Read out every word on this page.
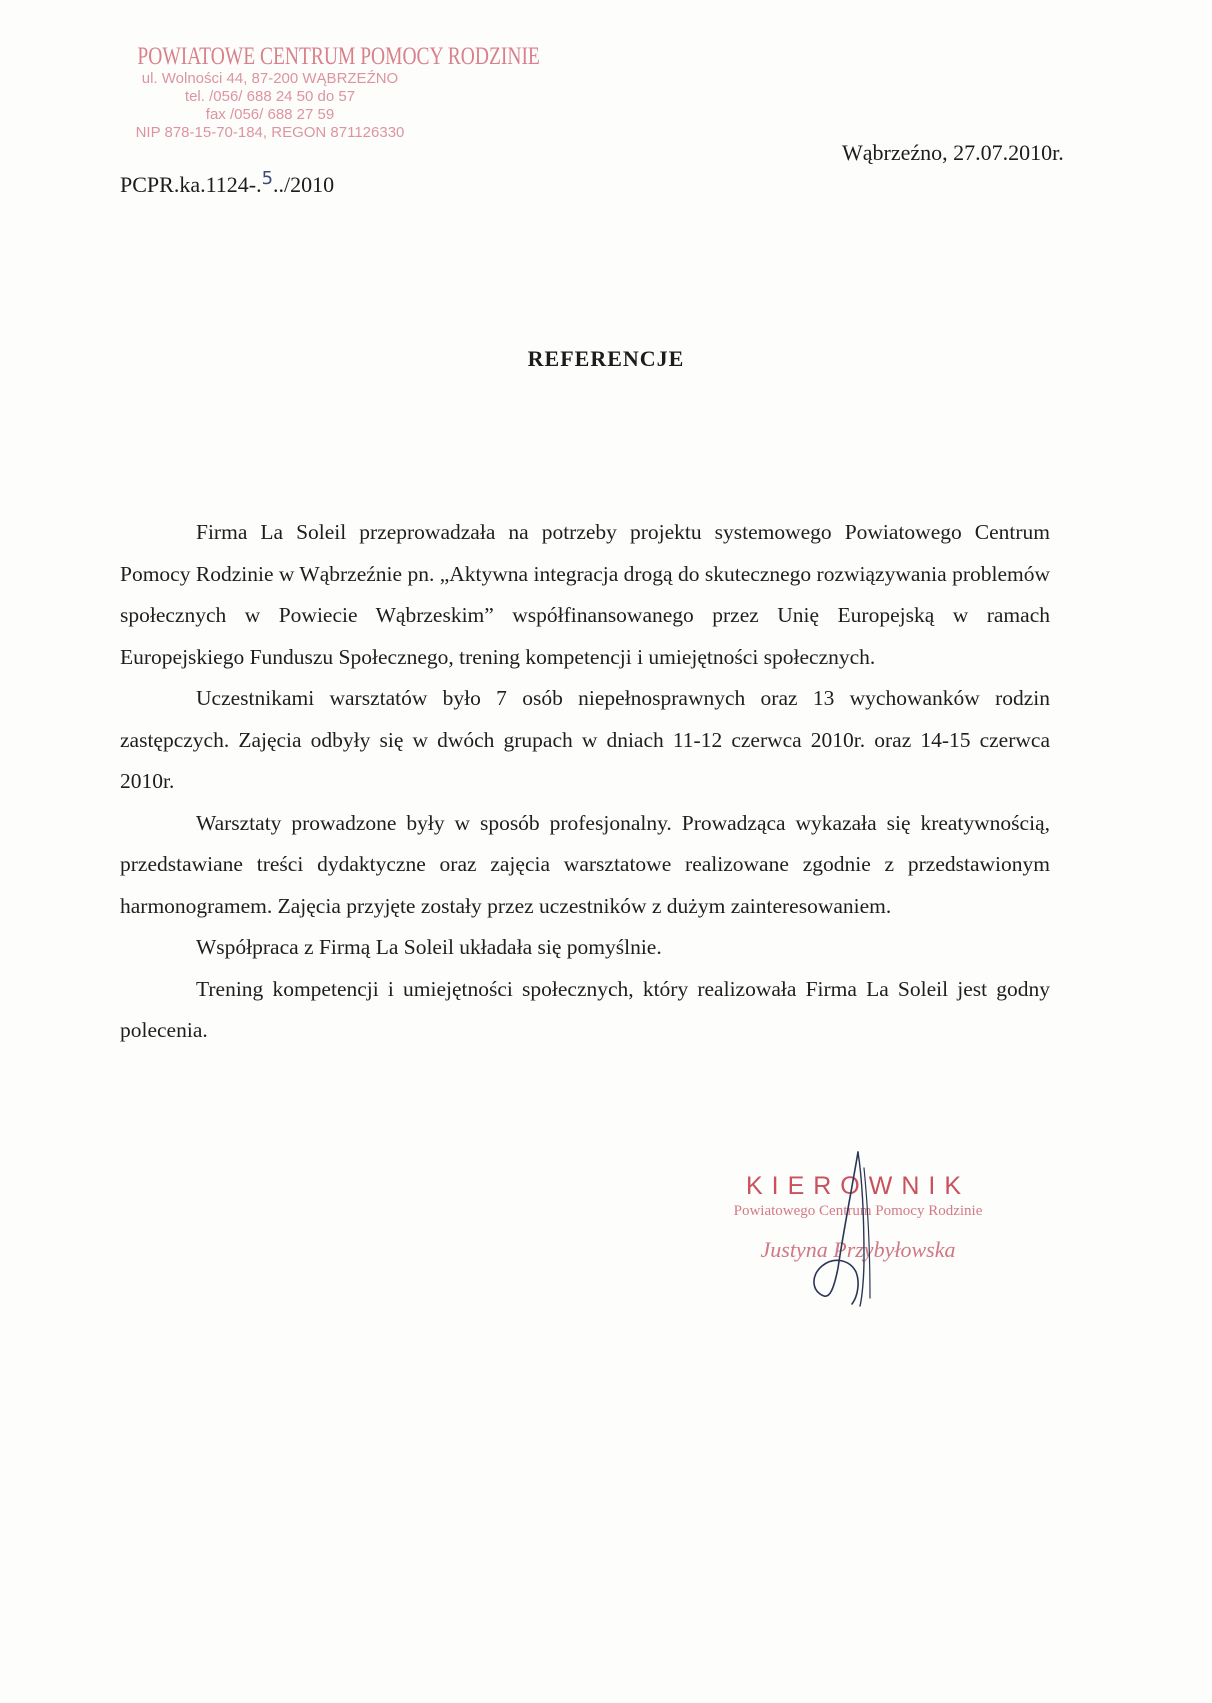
POWIATOWE CENTRUM POMOCY RODZINIE
ul. Wolności 44, 87-200 WĄBRZEŹNO
tel. /056/ 688 24 50 do 57
fax /056/ 688 27 59
NIP 878-15-70-184, REGON 871126330
Wąbrzeźno, 27.07.2010r.
PCPR.ka.1124-.$^5$../2010
REFERENCJE

Firma La Soleil przeprowadzała na potrzeby projektu systemowego Powiatowego Centrum Pomocy Rodzinie w Wąbrzeźnie pn. „Aktywna integracja drogą do skutecznego rozwiązywania problemów społecznych w Powiecie Wąbrzeskim” współfinansowanego przez Unię Europejską w ramach Europejskiego Funduszu Społecznego, trening kompetencji i umiejętności społecznych.

Uczestnikami warsztatów było 7 osób niepełnosprawnych oraz 13 wychowanków rodzin zastępczych. Zajęcia odbyły się w dwóch grupach w dniach 11-12 czerwca 2010r. oraz 14-15 czerwca 2010r.

Warsztaty prowadzone były w sposób profesjonalny. Prowadząca wykazała się kreatywnością, przedstawiane treści dydaktyczne oraz zajęcia warsztatowe realizowane zgodnie z przedstawionym harmonogramem. Zajęcia przyjęte zostały przez uczestników z dużym zainteresowaniem.

Współpraca z Firmą La Soleil układała się pomyślnie.

Trening kompetencji i umiejętności społecznych, który realizowała Firma La Soleil jest godny polecenia.

KIEROWNIK
Powiatowego Centrum Pomocy Rodzinie
Justyna Przybyłowska
